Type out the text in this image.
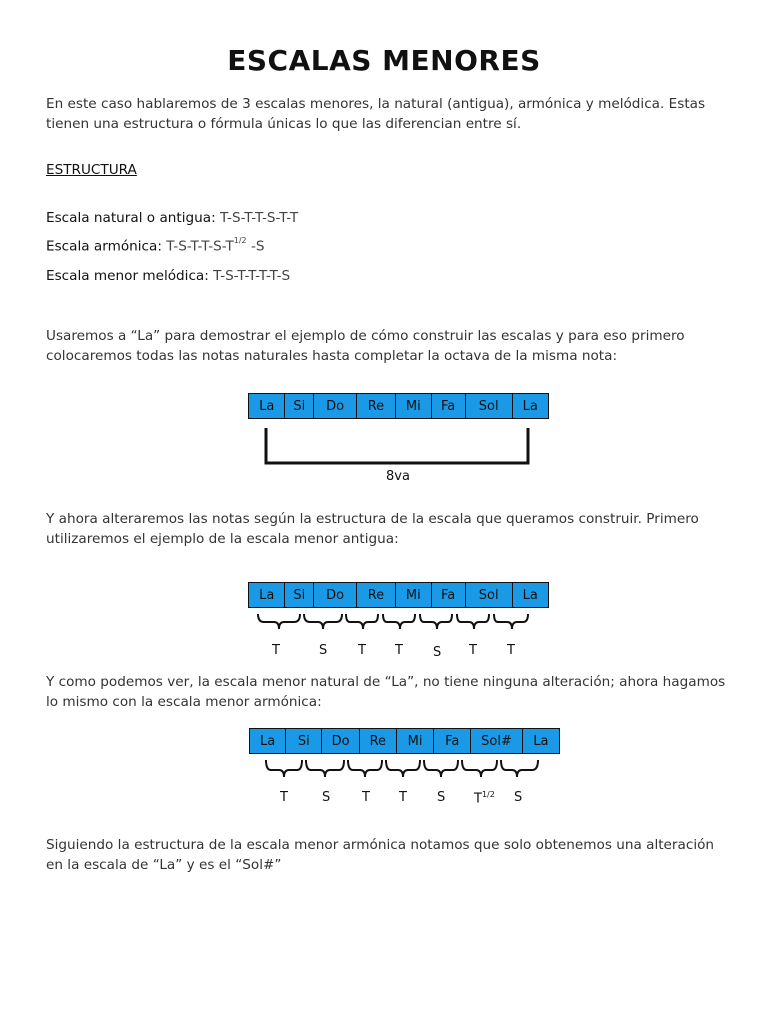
ESCALAS MENORES
En este caso hablaremos de 3 escalas menores, la natural (antigua), armónica y melódica. Estas tienen una estructura o fórmula únicas lo que las diferencian entre sí.
ESTRUCTURA
Escala natural o antigua: T-S-T-T-S-T-T
Escala armónica: $T-S-T-T-S-T^{1/2}$ -S
Escala menor melódica: T-S-T-T-T-T-S
Usaremos a “La” para demostrar el ejemplo de cómo construir las escalas y para eso primero colocaremos todas las notas naturales hasta completar la octava de la misma nota:
La	Si	Do	Re	Mi	Fa	Sol	La
8va
Y ahora alteraremos las notas según la estructura de la escala que queramos construir. Primero utilizaremos el ejemplo de la escala menor antigua:
La	Si	Do	Re	Mi	Fa	Sol	La
T	S T T S T T
Y como podemos ver, la escala menor natural de “La”, no tiene ninguna alteración; ahora hagamos lo mismo con la escala menor armónica:
La	Si	Do	Re	Mi	Fa	Sol#	La
T	S T T S $T^{1/2}$ S
Siguiendo la estructura de la escala menor armónica notamos que solo obtenemos una alteración en la escala de “La” y es el “Sol#”
